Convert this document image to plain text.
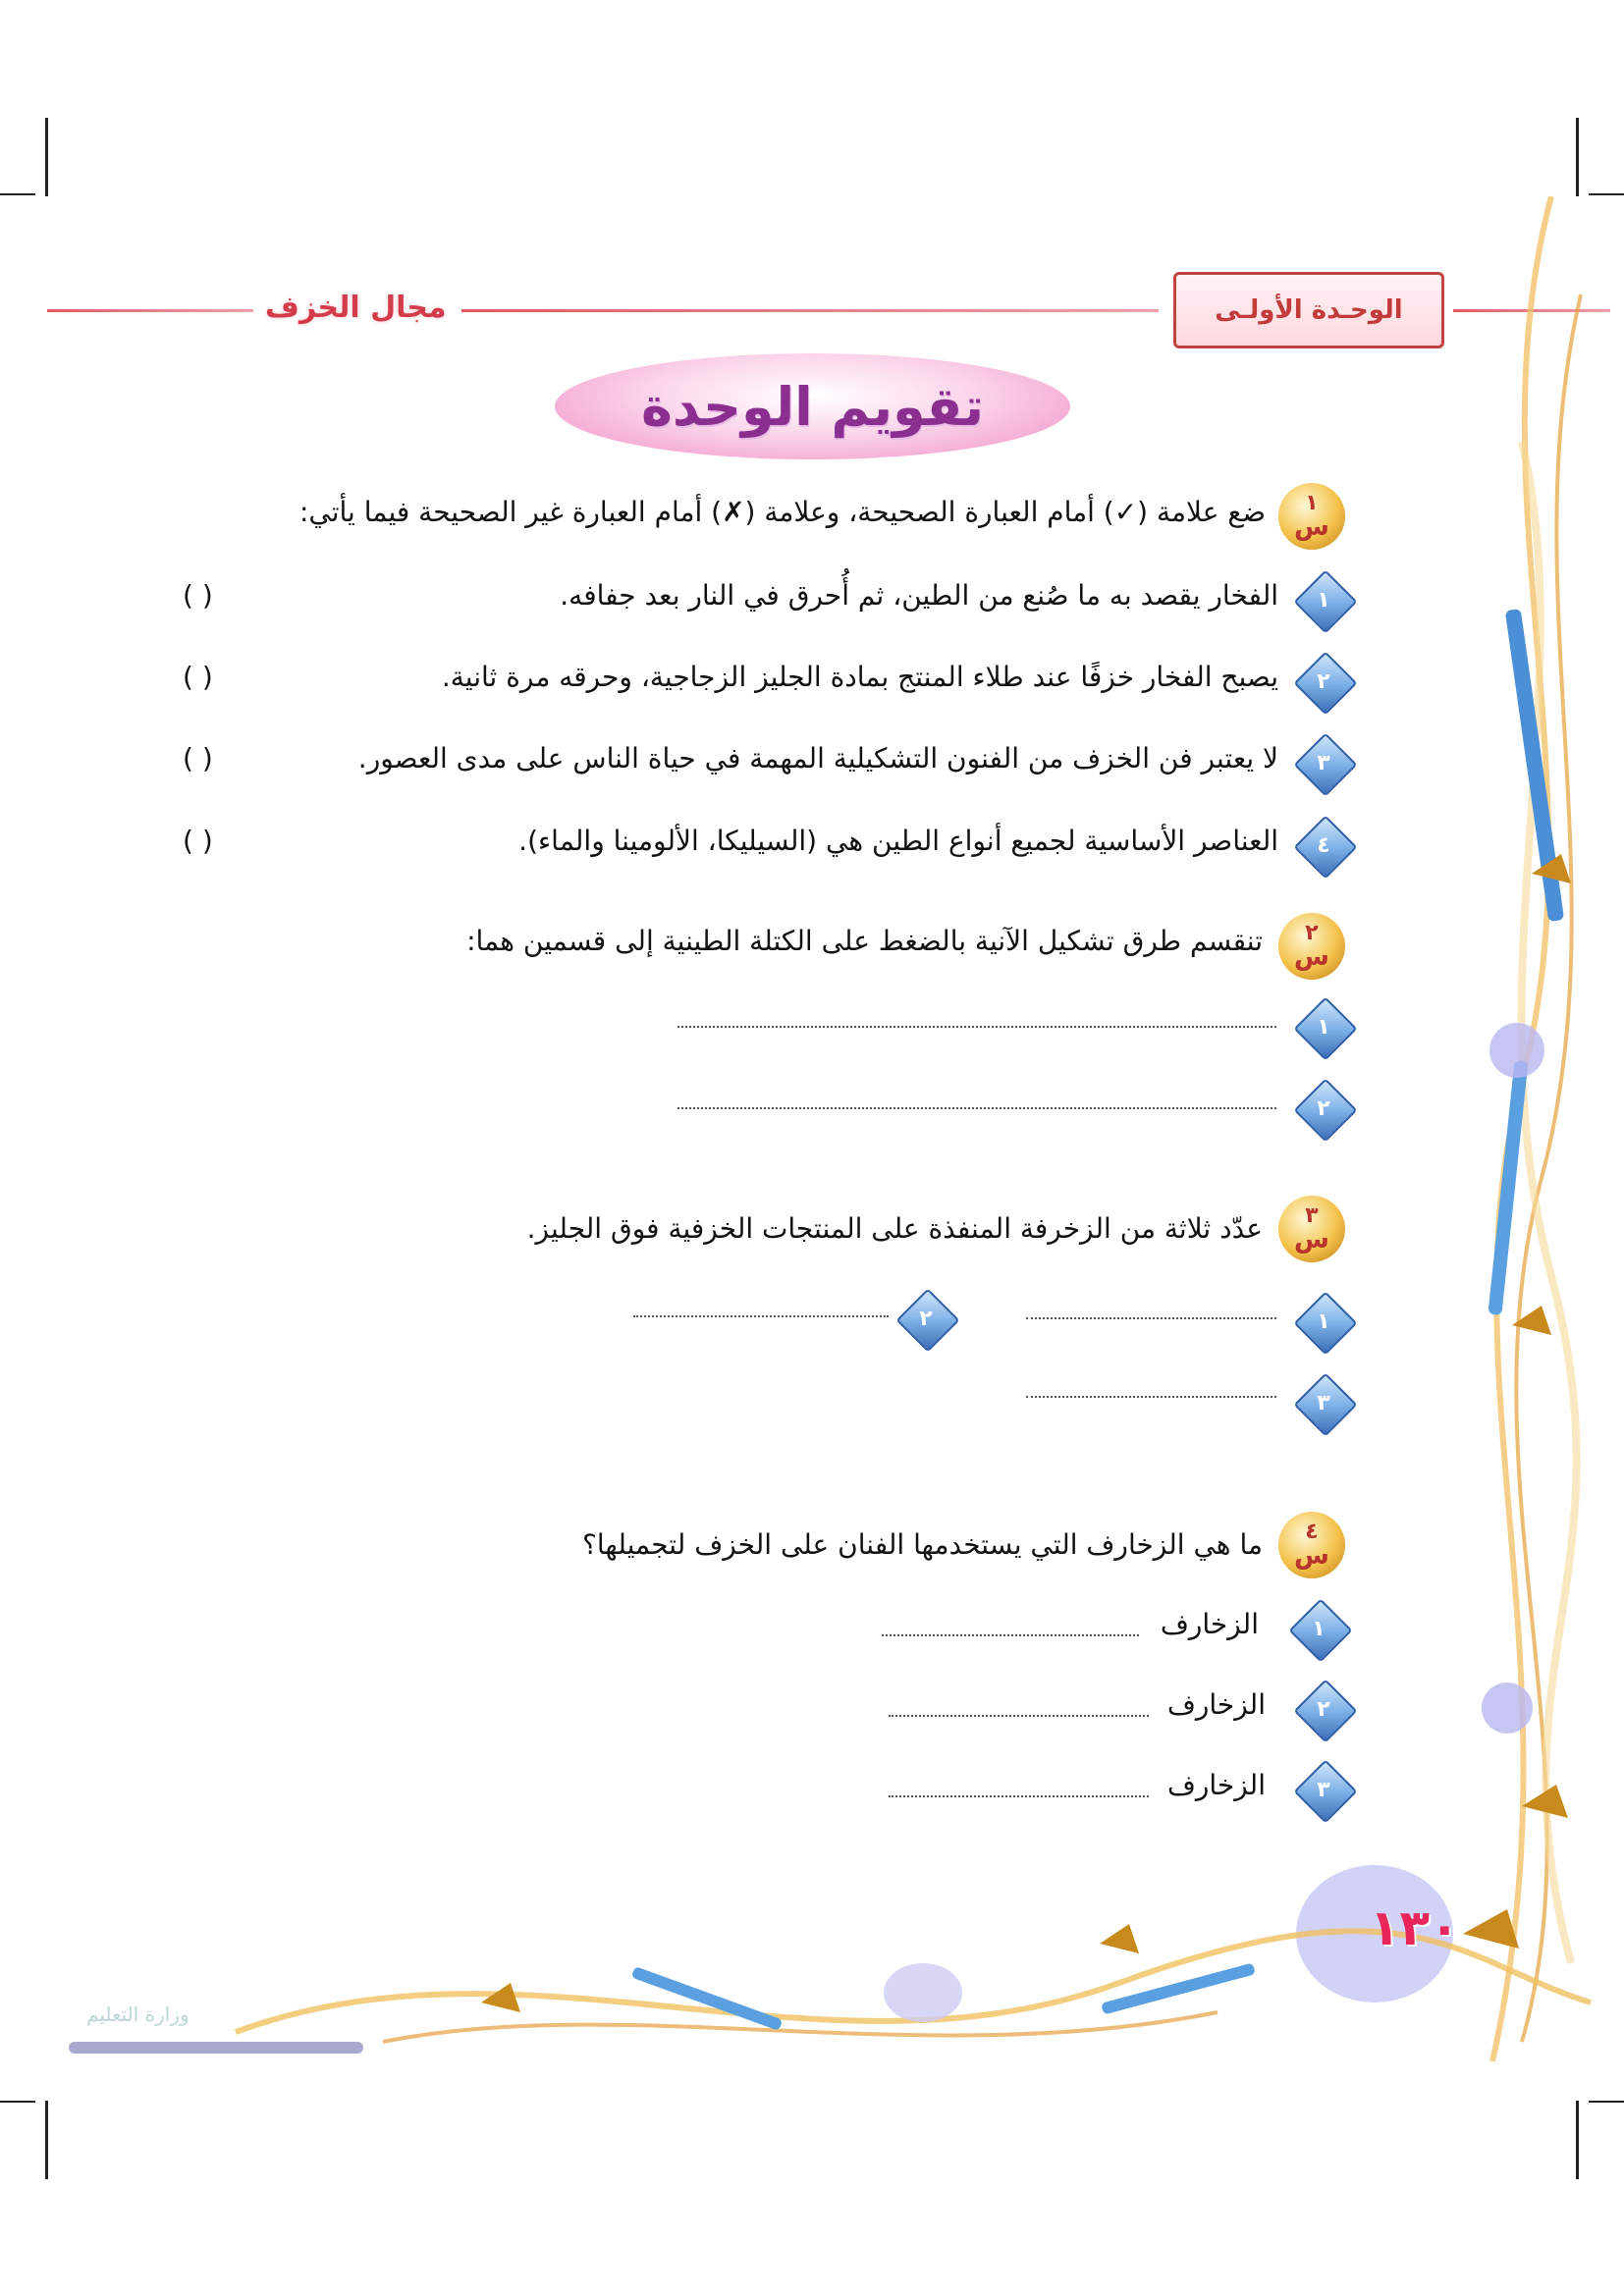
مجال الخزف	الوحـدة الأولـى
تقويم الوحدة
١٣٠
وزارة التعليم
١
س
ضع علامة (✓) أمام العبارة الصحيحة، وعلامة (✗) أمام العبارة غير الصحيحة فيما يأتي:
١
الفخار يقصد به ما صُنع من الطين، ثم أُحرق في النار بعد جفافه.
( )
٢
يصبح الفخار خزفًا عند طلاء المنتج بمادة الجليز الزجاجية، وحرقه مرة ثانية.
( )
٣
لا يعتبر فن الخزف من الفنون التشكيلية المهمة في حياة الناس على مدى العصور.
( )
٤
العناصر الأساسية لجميع أنواع الطين هي (السيليكا، الألومينا والماء).
( )
٢
س
تنقسم طرق تشكيل الآنية بالضغط على الكتلة الطينية إلى قسمين هما:
١
٢
٣
س
عدّد ثلاثة من الزخرفة المنفذة على المنتجات الخزفية فوق الجليز.
١
٢
٣
٤
س
ما هي الزخارف التي يستخدمها الفنان على الخزف لتجميلها؟
١
الزخارف
٢
الزخارف
٣
الزخارف
